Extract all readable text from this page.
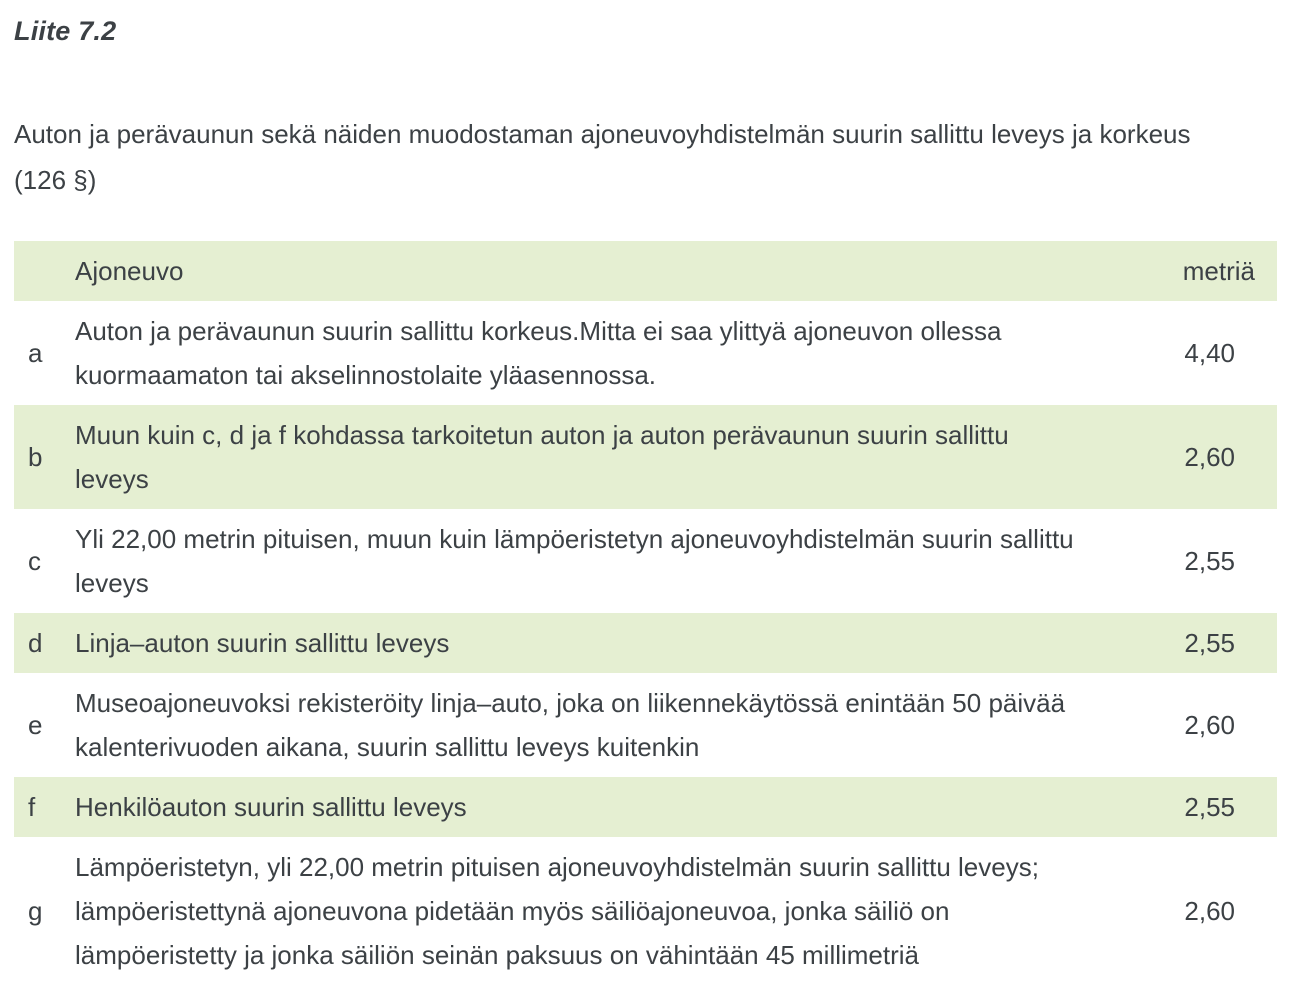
Liite 7.2

Auton ja perävaunun sekä näiden muodostaman ajoneuvoyhdistelmän suurin sallittu leveys ja korkeus (126 §)

	Ajoneuvo	metriä
a	Auton ja perävaunun suurin sallittu korkeus.Mitta ei saa ylittyä ajoneuvon ollessa kuormaamaton tai akselinnostolaite yläasennossa.	4,40
b	Muun kuin c, d ja f kohdassa tarkoitetun auton ja auton perävaunun suurin sallittu leveys	2,60
c	Yli 22,00 metrin pituisen, muun kuin lämpöeristetyn ajoneuvoyhdistelmän suurin sallittu leveys	2,55
d	Linja–auton suurin sallittu leveys	2,55
e	Museoajoneuvoksi rekisteröity linja–auto, joka on liikennekäytössä enintään 50 päivää kalenterivuoden aikana, suurin sallittu leveys kuitenkin	2,60
f	Henkilöauton suurin sallittu leveys	2,55
g	Lämpöeristetyn, yli 22,00 metrin pituisen ajoneuvoyhdistelmän suurin sallittu leveys; lämpöeristettynä ajoneuvona pidetään myös säiliöajoneuvoa, jonka säiliö on lämpöeristetty ja jonka säiliön seinän paksuus on vähintään 45 millimetriä	2,60
